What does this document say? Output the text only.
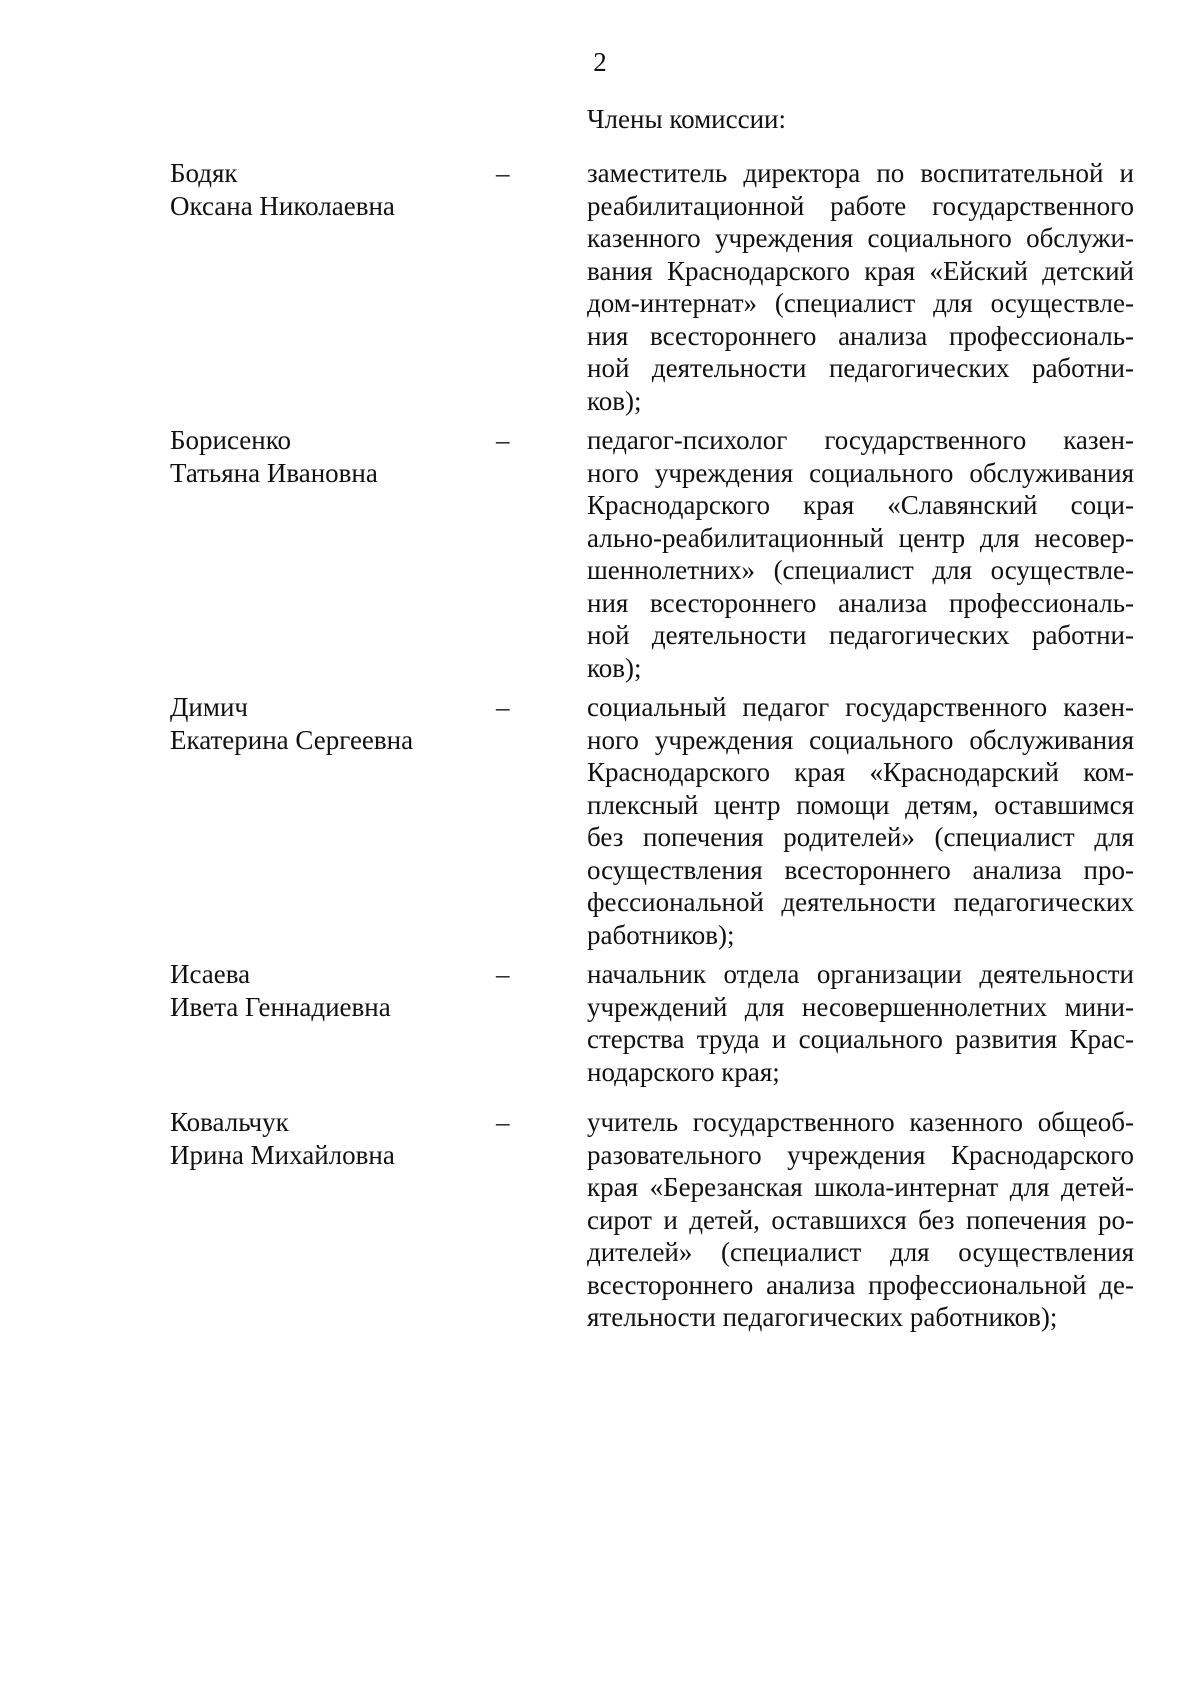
2
Члены комиссии:
Бодяк
Оксана Николаевна
–	заместитель директора по воспитательной и
реабилитационной работе государственного
казенного учреждения социального обслужи-
вания Краснодарского края «Ейский детский
дом-интернат» (специалист для осуществле-
ния всестороннего анализа профессиональ-
ной деятельности педагогических работни-
ков);
Борисенко
Татьяна Ивановна
–	педагог-психолог государственного казен-
ного учреждения социального обслуживания
Краснодарского края «Славянский соци-
ально-реабилитационный центр для несовер-
шеннолетних» (специалист для осуществле-
ния всестороннего анализа профессиональ-
ной деятельности педагогических работни-
ков);
Димич
Екатерина Сергеевна
–	социальный педагог государственного казен-
ного учреждения социального обслуживания
Краснодарского края «Краснодарский ком-
плексный центр помощи детям, оставшимся
без попечения родителей» (специалист для
осуществления всестороннего анализа про-
фессиональной деятельности педагогических
работников);
Исаева
Ивета Геннадиевна
–	начальник отдела организации деятельности
учреждений для несовершеннолетних мини-
стерства труда и социального развития Крас-
нодарского края;
Ковальчук
Ирина Михайловна
–	учитель государственного казенного общеоб-
разовательного учреждения Краснодарского
края «Березанская школа-интернат для детей-
сирот и детей, оставшихся без попечения ро-
дителей» (специалист для осуществления
всестороннего анализа профессиональной де-
ятельности педагогических работников);
